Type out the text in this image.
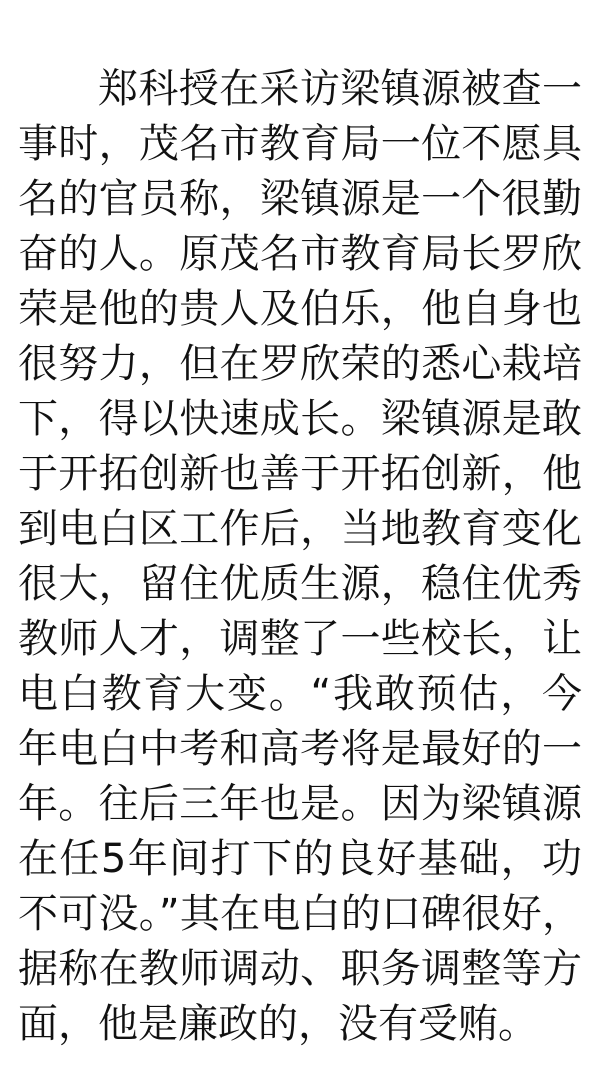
郑科授在采访梁镇源被查一事时，茂名市教育局一位不愿具名的官员称，梁镇源是一个很勤奋的人。原茂名市教育局长罗欣荣是他的贵人及伯乐，他自身也很努力，但在罗欣荣的悉心栽培下，得以快速成长。梁镇源是敢于开拓创新也善于开拓创新，他到电白区工作后，当地教育变化很大，留住优质生源，稳住优秀教师人才，调整了一些校长，让电白教育大变。“我敢预估，今年电白中考和高考将是最好的一年。往后三年也是。因为梁镇源在任5年间打下的良好基础，功不可没。”其在电白的口碑很好，据称在教师调动、职务调整等方面，他是廉政的，没有受贿。
